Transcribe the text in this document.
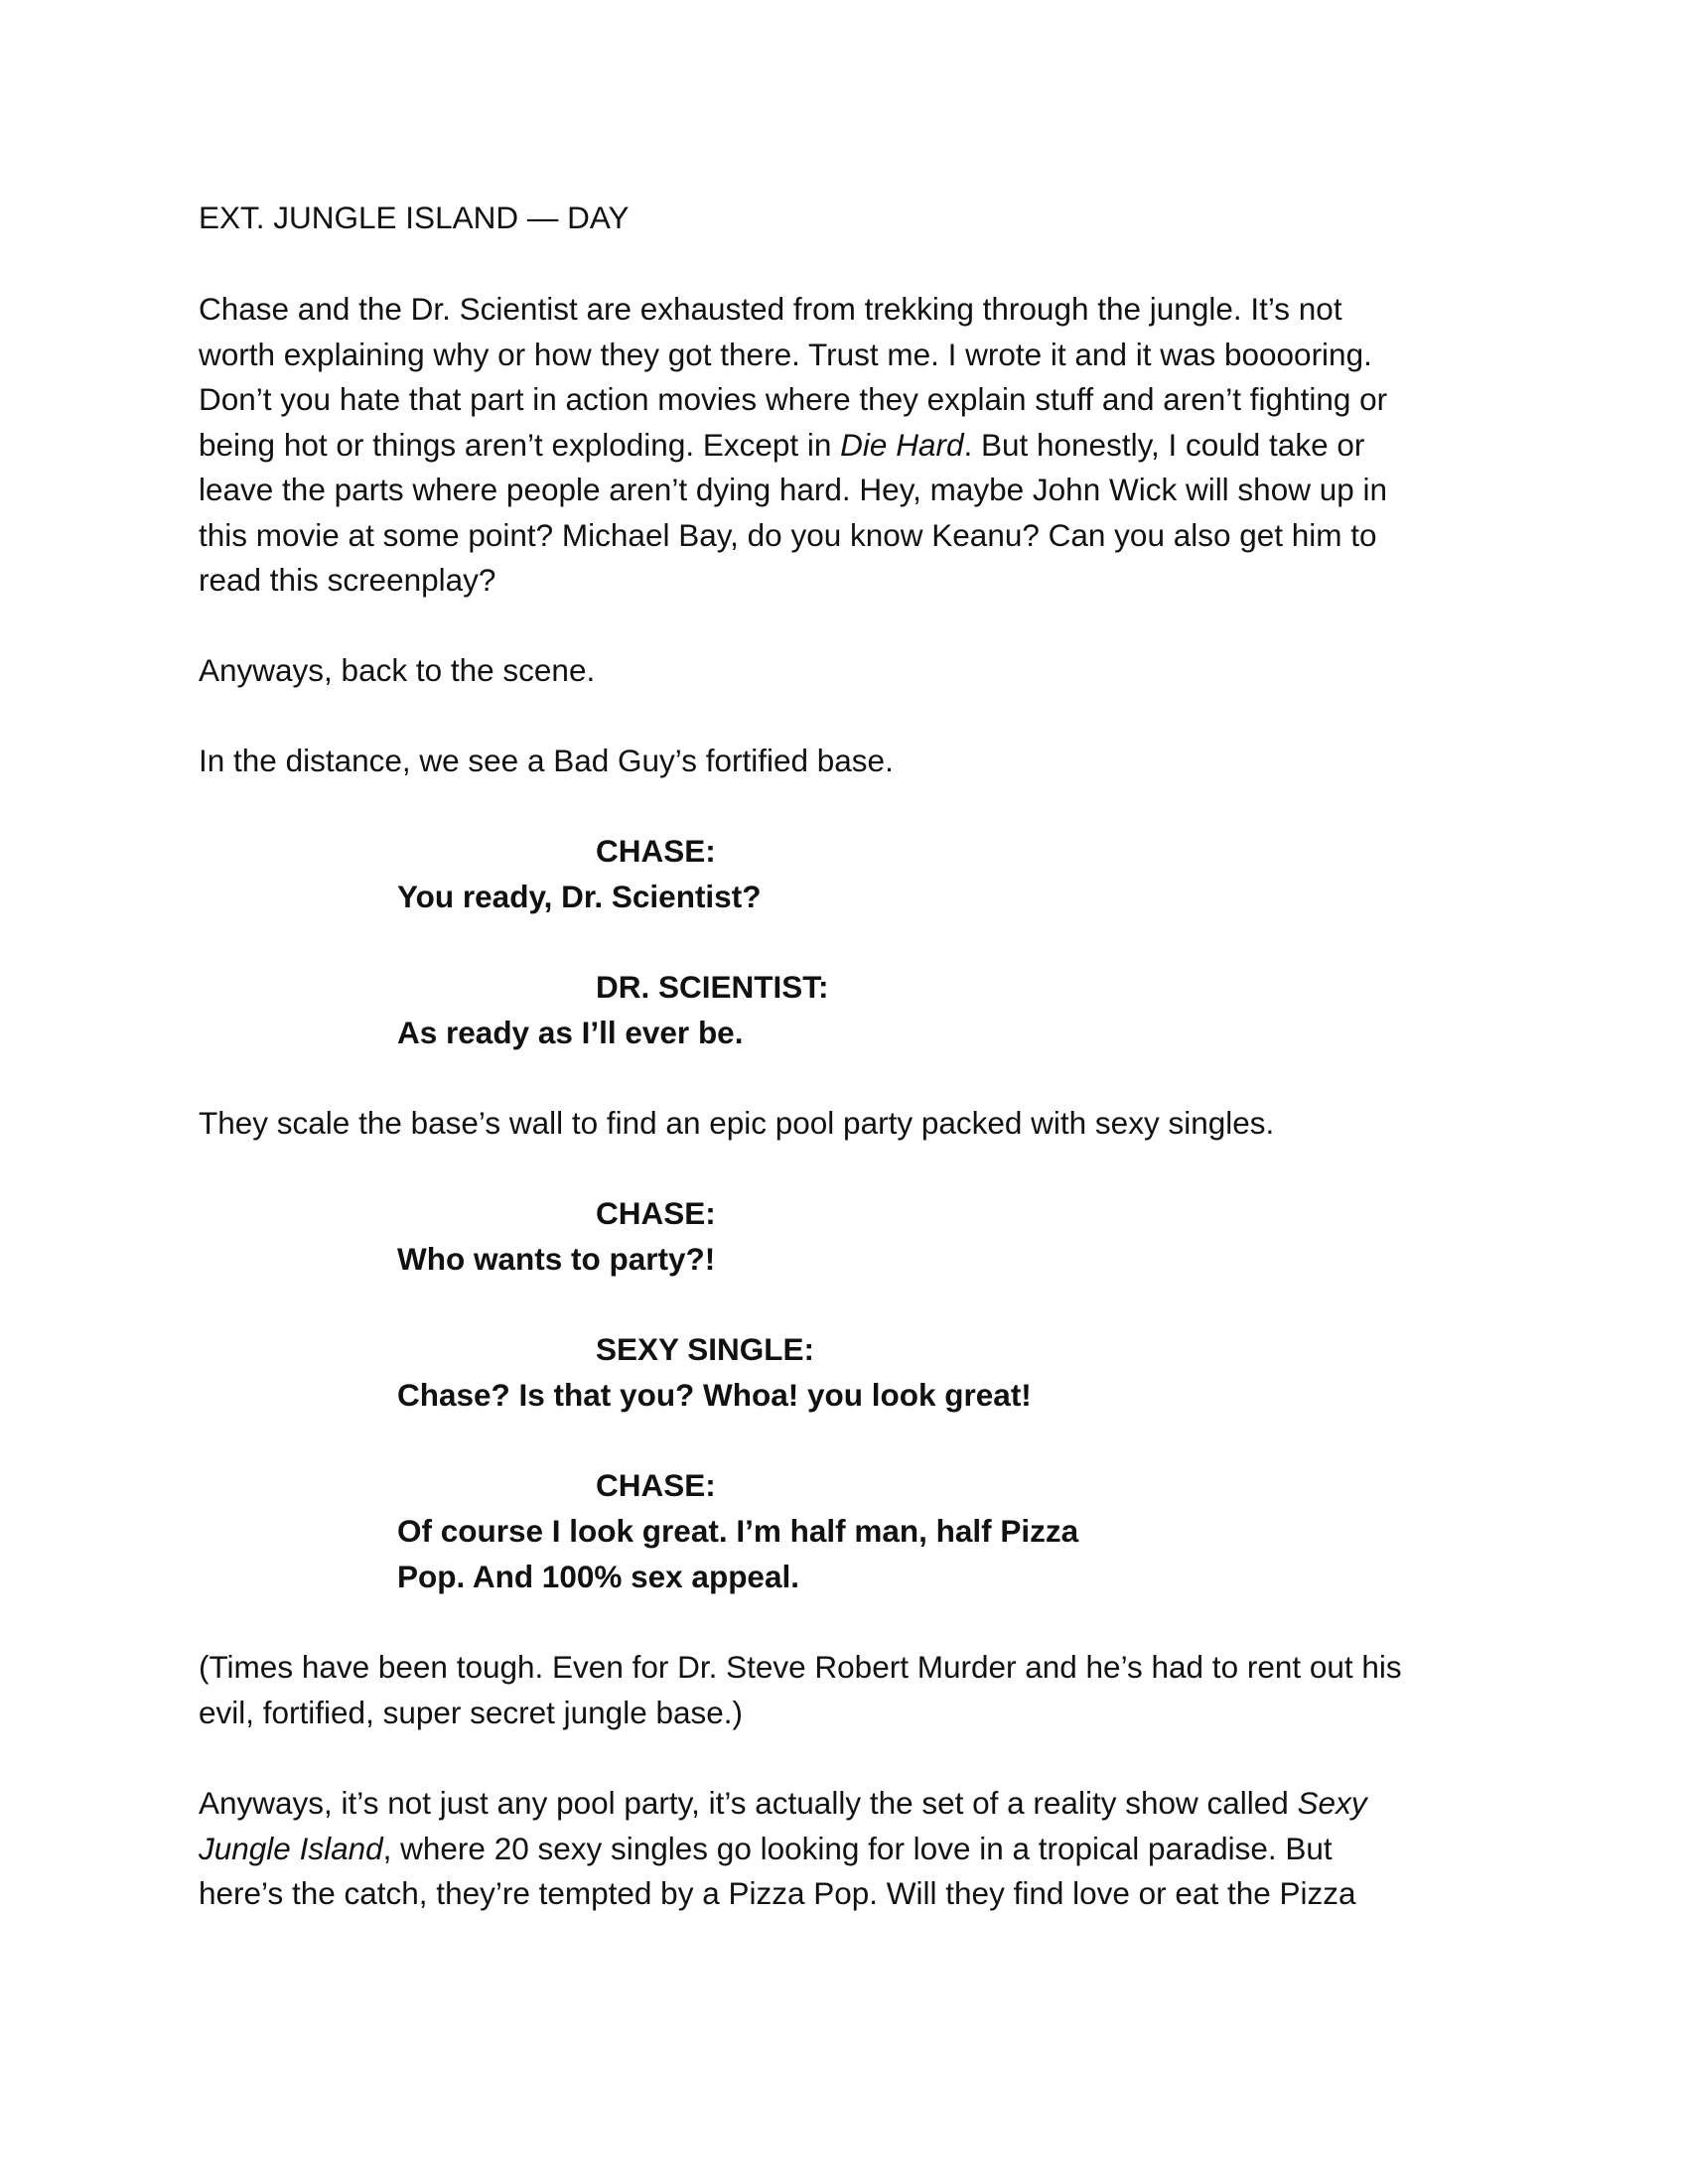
EXT. JUNGLE ISLAND — DAY
Chase and the Dr. Scientist are exhausted from trekking through the jungle. It’s not
worth explaining why or how they got there. Trust me. I wrote it and it was booooring.
Don’t you hate that part in action movies where they explain stuff and aren’t fighting or
being hot or things aren’t exploding. Except in Die Hard. But honestly, I could take or
leave the parts where people aren’t dying hard. Hey, maybe John Wick will show up in
this movie at some point? Michael Bay, do you know Keanu? Can you also get him to
read this screenplay?
Anyways, back to the scene.
In the distance, we see a Bad Guy’s fortified base.
CHASE:
You ready, Dr. Scientist?
DR. SCIENTIST:
As ready as I’ll ever be.
They scale the base’s wall to find an epic pool party packed with sexy singles.
CHASE:
Who wants to party?!
SEXY SINGLE:
Chase? Is that you? Whoa! you look great!
CHASE:
Of course I look great. I’m half man, half Pizza
Pop. And 100% sex appeal.
(Times have been tough. Even for Dr. Steve Robert Murder and he’s had to rent out his
evil, fortified, super secret jungle base.)
Anyways, it’s not just any pool party, it’s actually the set of a reality show called Sexy
Jungle Island, where 20 sexy singles go looking for love in a tropical paradise. But
here’s the catch, they’re tempted by a Pizza Pop. Will they find love or eat the Pizza
